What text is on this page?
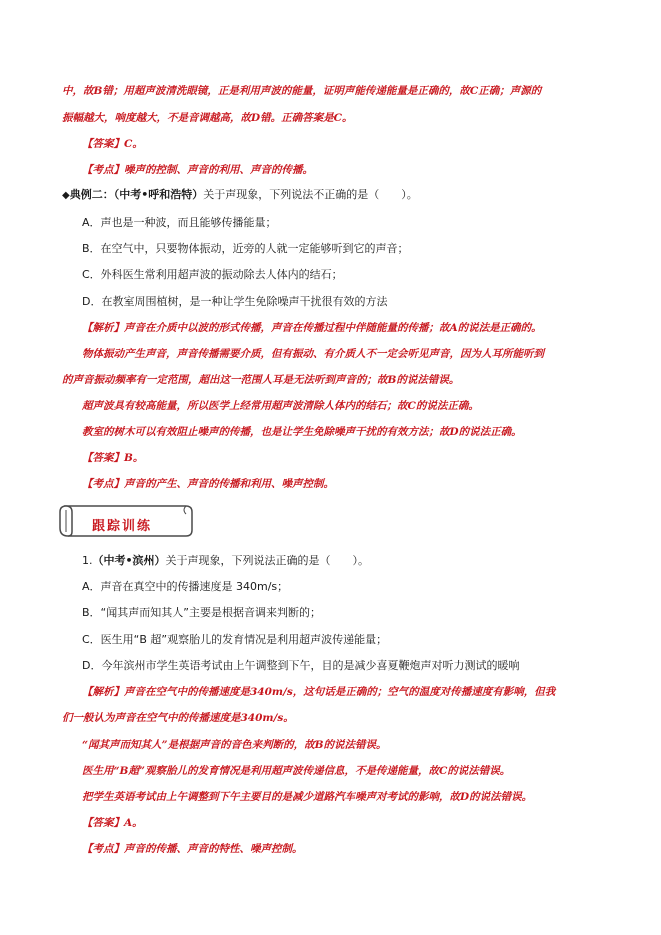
中，故B错；用超声波清洗眼镜，正是利用声波的能量，证明声能传递能量是正确的，故C正确；声源的
振幅越大，响度越大，不是音调越高，故D错。正确答案是C。
【答案】C。
【考点】噪声的控制、声音的利用、声音的传播。
◆典例二：（中考•呼和浩特）关于声现象，下列说法不正确的是（　　）。
A．声也是一种波，而且能够传播能量；
B．在空气中，只要物体振动，近旁的人就一定能够听到它的声音；
C．外科医生常利用超声波的振动除去人体内的结石；
D．在教室周围植树，是一种让学生免除噪声干扰很有效的方法
【解析】声音在介质中以波的形式传播，声音在传播过程中伴随能量的传播；故A的说法是正确的。
物体振动产生声音，声音传播需要介质，但有振动、有介质人不一定会听见声音，因为人耳所能听到
的声音振动频率有一定范围，超出这一范围人耳是无法听到声音的；故B的说法错误。
超声波具有较高能量，所以医学上经常用超声波清除人体内的结石；故C的说法正确。
教室的树木可以有效阻止噪声的传播，也是让学生免除噪声干扰的有效方法；故D的说法正确。
【答案】B。
【考点】声音的产生、声音的传播和利用、噪声控制。
跟踪训练
1.（中考•滨州）关于声现象，下列说法正确的是（　　）。
A．声音在真空中的传播速度是 340m/s；
B．“闻其声而知其人”主要是根据音调来判断的；
C．医生用“B 超”观察胎儿的发育情况是利用超声波传递能量；
D．今年滨州市学生英语考试由上午调整到下午，目的是减少喜夏鞭炮声对听力测试的暖响
【解析】声音在空气中的传播速度是340m/s，这句话是正确的；空气的温度对传播速度有影响，但我
们一般认为声音在空气中的传播速度是340m/s。
“闻其声而知其人”是根据声音的音色来判断的，故B的说法错误。
医生用“B超”观察胎儿的发育情况是利用超声波传递信息，不是传递能量，故C的说法错误。
把学生英语考试由上午调整到下午主要目的是减少道路汽车噪声对考试的影响，故D的说法错误。
【答案】A。
【考点】声音的传播、声音的特性、噪声控制。
